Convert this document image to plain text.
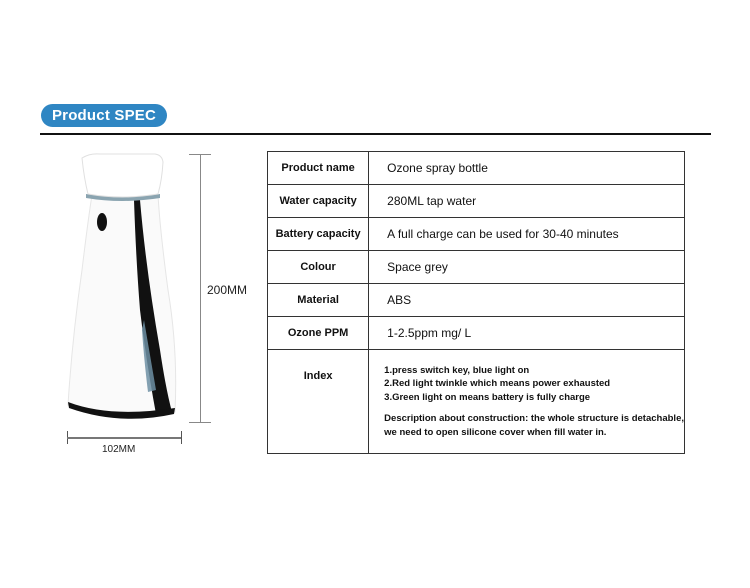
Product SPEC
200MM
102MM
Product name	Ozone spray bottle
Water capacity	280ML tap water
Battery capacity	A full charge can be used for 30-40 minutes
Colour	Space grey
Material	ABS
Ozone PPM	1-2.5ppm mg/ L
Index	1.press switch key, blue light on
2.Red light twinkle which means power exhausted
3.Green light on means battery is fully charge
Description about construction: the whole structure is detachable,
we need to open silicone cover when fill water in.
